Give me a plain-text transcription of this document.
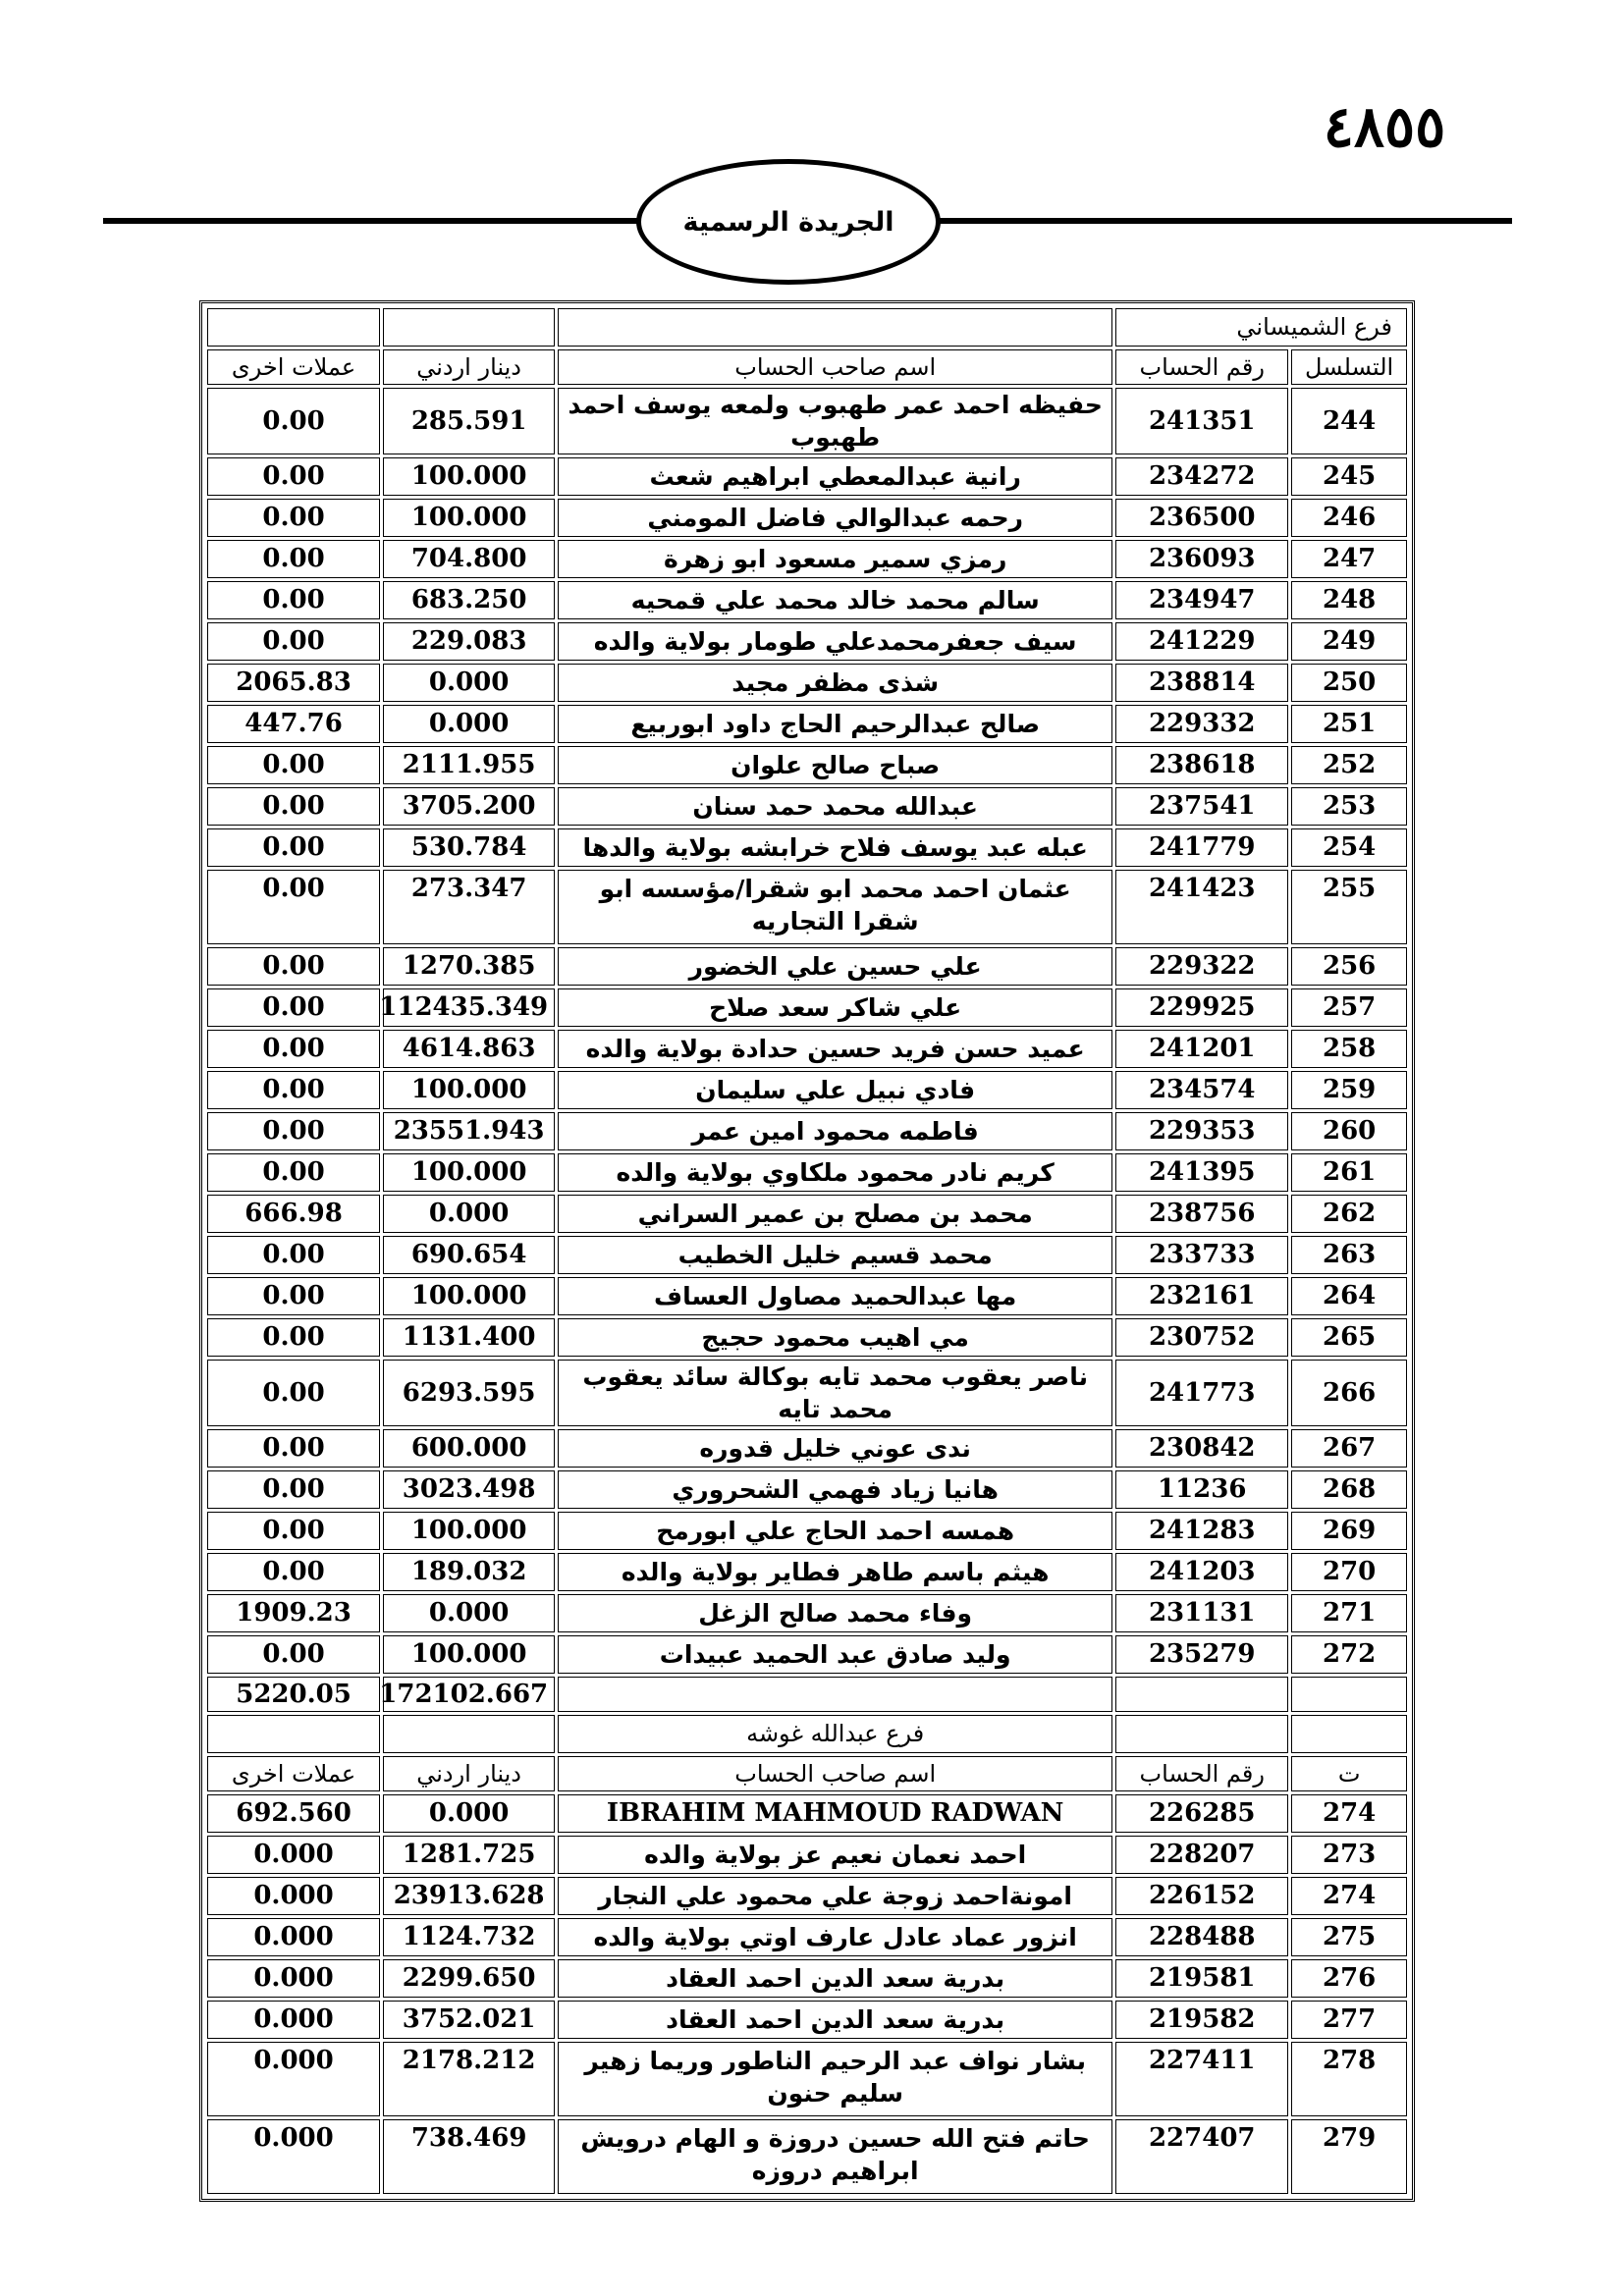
٤٨٥٥
الجريدة الرسمية
فرع الشميساني				
التسلسل	رقم الحساب	اسم صاحب الحساب	دينار اردني	عملات اخرى
244	241351	حفيظه احمد عمر طهبوب ولمعه يوسف احمد طهبوب	285.591	0.00
245	234272	رانية عبدالمعطي ابراهيم شعث	100.000	0.00
246	236500	رحمه عبدالوالي فاضل المومني	100.000	0.00
247	236093	رمزي سمير مسعود ابو زهرة	704.800	0.00
248	234947	سالم محمد خالد محمد علي قمحيه	683.250	0.00
249	241229	سيف جعفرمحمدعلي طومار بولاية والده	229.083	0.00
250	238814	شذى مظفر مجيد	0.000	2065.83
251	229332	صالح عبدالرحيم الحاج داود ابوربيع	0.000	447.76
252	238618	صباح صالح علوان	2111.955	0.00
253	237541	عبدالله محمد حمد سنان	3705.200	0.00
254	241779	عبله عبد يوسف فلاح خرابشه بولاية والدها	530.784	0.00
255	241423	عثمان احمد محمد ابو شقرا/مؤسسه ابو شقرا التجاريه	273.347	0.00
256	229322	علي حسين علي الخضور	1270.385	0.00
257	229925	علي شاكر سعد صلاح	112435.349	0.00
258	241201	عميد حسن فريد حسين حدادة بولاية والده	4614.863	0.00
259	234574	فادي نبيل علي سليمان	100.000	0.00
260	229353	فاطمه محمود امين عمر	23551.943	0.00
261	241395	كريم نادر محمود ملكاوي بولاية والده	100.000	0.00
262	238756	محمد بن مصلح بن عمير السراني	0.000	666.98
263	233733	محمد قسيم خليل الخطيب	690.654	0.00
264	232161	مها عبدالحميد مصاول العساف	100.000	0.00
265	230752	مي اهيب محمود حجيج	1131.400	0.00
266	241773	ناصر يعقوب محمد تايه بوكالة سائد يعقوب محمد تايه	6293.595	0.00
267	230842	ندى عوني خليل قدوره	600.000	0.00
268	11236	هانيا زياد فهمي الشحروري	3023.498	0.00
269	241283	همسه احمد الحاج علي ابورمح	100.000	0.00
270	241203	هيثم باسم طاهر فطاير بولاية والده	189.032	0.00
271	231131	وفاء محمد صالح الزغل	0.000	1909.23
272	235279	وليد صادق عبد الحميد عبيدات	100.000	0.00
			172102.667	5220.05
		فرع عبدالله غوشه		
ت	رقم الحساب	اسم صاحب الحساب	دينار اردني	عملات اخرى
274	226285	IBRAHIM MAHMOUD RADWAN	0.000	692.560
273	228207	احمد نعمان نعيم عز بولاية والده	1281.725	0.000
274	226152	امونةاحمد زوجة علي محمود علي النجار	23913.628	0.000
275	228488	انزور عماد عادل عارف اوتي بولاية والده	1124.732	0.000
276	219581	بدرية سعد الدين احمد العقاد	2299.650	0.000
277	219582	بدرية سعد الدين احمد العقاد	3752.021	0.000
278	227411	بشار نواف عبد الرحيم الناطور وريما زهير سليم حنون	2178.212	0.000
279	227407	حاتم فتح الله حسين دروزة و الهام درويش ابراهيم دروزه	738.469	0.000
